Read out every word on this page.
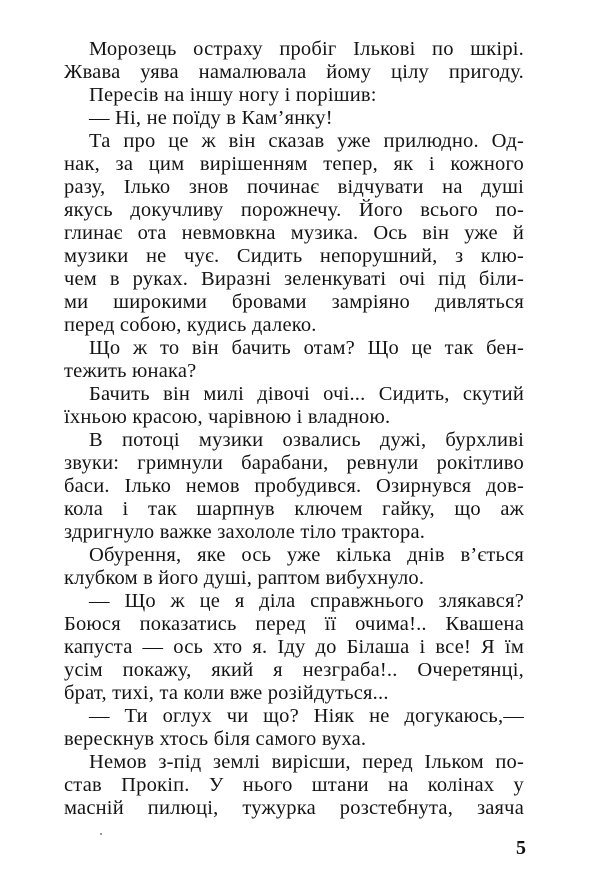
Морозець остраху пробіг Ількові по шкірі.
Жвава уява намалювала йому цілу пригоду.
Пересів на іншу ногу і порішив:
— Ні, не поїду в Кам’янку!
Та про це ж він сказав уже прилюдно. Од-
нак, за цим вирішенням тепер, як і кожного
разу, Ілько знов починає відчувати на душі
якусь докучливу порожнечу. Його всього по-
глинає ота невмовкна музика. Ось він уже й
музики не чує. Сидить непорушний, з клю-
чем в руках. Виразні зеленкуваті очі під біли-
ми широкими бровами замріяно дивляться
перед собою, кудись далеко.
Що ж то він бачить отам? Що це так бен-
тежить юнака?
Бачить він милі дівочі очі... Сидить, скутий
їхньою красою, чарівною і владною.
В потоці музики озвались дужі, бурхливі
звуки: гримнули барабани, ревнули рокітливо
баси. Ілько немов пробудився. Озирнувся дов-
кола і так шарпнув ключем гайку, що аж
здригнуло важке захололе тіло трактора.
Обурення, яке ось уже кілька днів в’ється
клубком в його душі, раптом вибухнуло.
— Що ж це я діла справжнього злякався?
Боюся показатись перед її очима!.. Квашена
капуста — ось хто я. Іду до Білаша і все! Я їм
усім покажу, який я незграба!.. Очеретянці,
брат, тихі, та коли вже розійдуться...
— Ти оглух чи що? Ніяк не догукаюсь,—
верескнув хтось біля самого вуха.
Немов з-під землі вирісши, перед Ільком по-
став Прокіп. У нього штани на колінах у
масній пилюці, тужурка розстебнута, заяча
5
